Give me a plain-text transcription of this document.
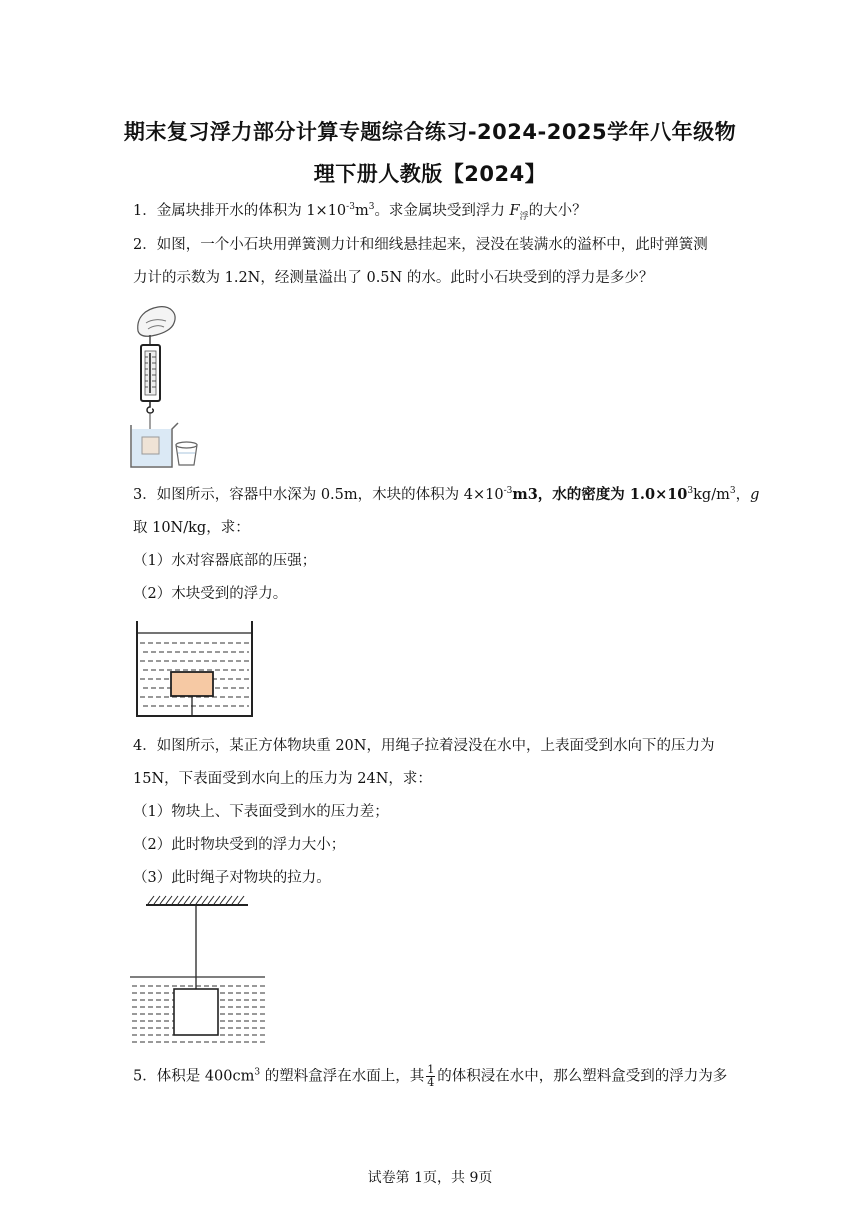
期末复习浮力部分计算专题综合练习-2024-2025学年八年级物
理下册人教版【2024】
1．金属块排开水的体积为 $1\times 10^{-3}m^3$。求金属块受到浮力 $F_浮$的大小？
2．如图，一个小石块用弹簧测力计和细线悬挂起来，浸没在装满水的溢杯中，此时弹簧测
力计的示数为 1.2N，经测量溢出了 0.5N 的水。此时小石块受到的浮力是多少？
3．如图所示，容器中水深为 0.5m，木块的体积为 $4\times 10^{-3}m3$，水的密度为 $1.0\times 10^3kg/m^3$，g
取 10N/kg，求：
（1）水对容器底部的压强；
（2）木块受到的浮力。
4．如图所示，某正方体物块重 20N，用绳子拉着浸没在水中，上表面受到水向下的压力为
15N，下表面受到水向上的压力为 24N，求：
（1）物块上、下表面受到水的压力差；
（2）此时物块受到的浮力大小；
（3）此时绳子对物块的拉力。
5．体积是 $400cm^3$ 的塑料盒浮在水面上，其 $\frac{1}{4}$ 的体积浸在水中，那么塑料盒受到的浮力为多
试卷第 1页，共 9页
